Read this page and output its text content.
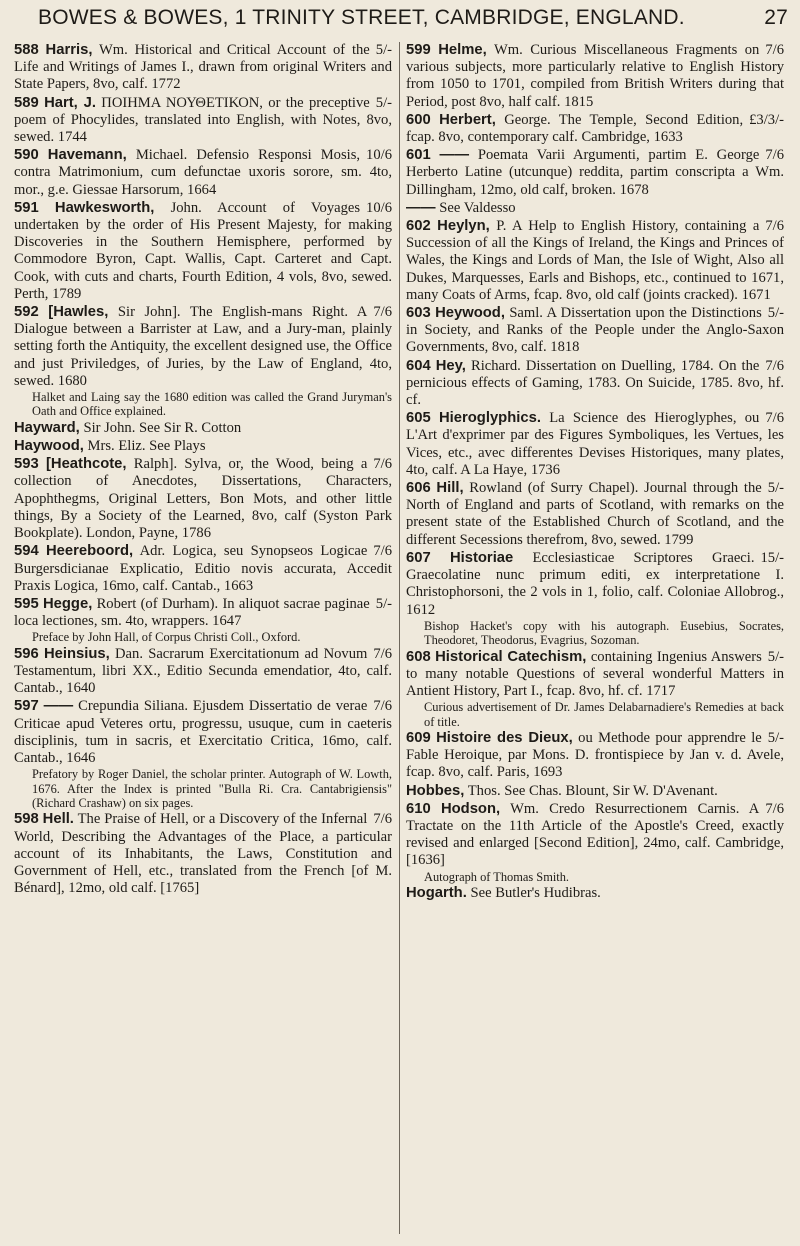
BOWES & BOWES, 1 TRINITY STREET, CAMBRIDGE, ENGLAND.	27
5/-
588 Harris, Wm. Historical and Critical Account of the Life and Writings of James I., drawn from original Writers and State Papers, 8vo, calf. 1772
5/-
589 Hart, J. ΠΟΙΗΜΑ ΝΟΥΘΕΤΙΚΟΝ, or the preceptive poem of Phocylides, translated into English, with Notes, 8vo, sewed. 1744
10/6
590 Havemann, Michael. Defensio Responsi Mosis, contra Matrimonium, cum defunctae uxoris sorore, sm. 4to, mor., g.e. Giessae Harsorum, 1664
10/6
591 Hawkesworth, John. Account of Voyages undertaken by the order of His Present Majesty, for making Discoveries in the Southern Hemisphere, performed by Commodore Byron, Capt. Wallis, Capt. Carteret and Capt. Cook, with cuts and charts, Fourth Edition, 4 vols, 8vo, sewed. Perth, 1789
7/6
592 [Hawles, Sir John]. The English-mans Right. A Dialogue between a Barrister at Law, and a Jury-man, plainly setting forth the Antiquity, the excellent designed use, the Office and just Priviledges, of Juries, by the Law of England, 4to, sewed. 1680
Halket and Laing say the 1680 edition was called the Grand Juryman's Oath and Office explained.
Hayward, Sir John. See Sir R. Cotton
Haywood, Mrs. Eliz. See Plays
7/6
593 [Heathcote, Ralph]. Sylva, or, the Wood, being a collection of Anecdotes, Dissertations, Characters, Apophthegms, Original Letters, Bon Mots, and other little things, By a Society of the Learned, 8vo, calf (Syston Park Bookplate). London, Payne, 1786
7/6
594 Heereboord, Adr. Logica, seu Synopseos Logicae Burgersdicianae Explicatio, Editio novis accurata, Accedit Praxis Logica, 16mo, calf. Cantab., 1663
5/-
595 Hegge, Robert (of Durham). In aliquot sacrae paginae loca lectiones, sm. 4to, wrappers. 1647
Preface by John Hall, of Corpus Christi Coll., Oxford.
7/6
596 Heinsius, Dan. Sacrarum Exercitationum ad Novum Testamentum, libri XX., Editio Secunda emendatior, 4to, calf. Cantab., 1640
7/6
597 —— Crepundia Siliana. Ejusdem Dissertatio de verae Criticae apud Veteres ortu, progressu, usuque, cum in caeteris disciplinis, tum in sacris, et Exercitatio Critica, 16mo, calf. Cantab., 1646
Prefatory by Roger Daniel, the scholar printer. Autograph of W. Lowth, 1676. After the Index is printed "Bulla Ri. Cra. Cantabrigiensis" (Richard Crashaw) on six pages.
7/6
598 Hell. The Praise of Hell, or a Discovery of the Infernal World, Describing the Advantages of the Place, a particular account of its Inhabitants, the Laws, Constitution and Government of Hell, etc., translated from the French [of M. Bénard], 12mo, old calf. [1765]
7/6
599 Helme, Wm. Curious Miscellaneous Fragments on various subjects, more particularly relative to English History from 1050 to 1701, compiled from British Writers during that Period, post 8vo, half calf. 1815
£3/3/-
600 Herbert, George. The Temple, Second Edition, fcap. 8vo, contemporary calf. Cambridge, 1633
7/6
601 —— Poemata Varii Argumenti, partim E. George Herberto Latine (utcunque) reddita, partim conscripta a Wm. Dillingham, 12mo, old calf, broken. 1678
—— See Valdesso
7/6
602 Heylyn, P. A Help to English History, containing a Succession of all the Kings of Ireland, the Kings and Princes of Wales, the Kings and Lords of Man, the Isle of Wight, Also all Dukes, Marquesses, Earls and Bishops, etc., continued to 1671, many Coats of Arms, fcap. 8vo, old calf (joints cracked). 1671
5/-
603 Heywood, Saml. A Dissertation upon the Distinctions in Society, and Ranks of the People under the Anglo-Saxon Governments, 8vo, calf. 1818
7/6
604 Hey, Richard. Dissertation on Duelling, 1784. On the pernicious effects of Gaming, 1783. On Suicide, 1785. 8vo, hf. cf.
7/6
605 Hieroglyphics. La Science des Hieroglyphes, ou L'Art d'exprimer par des Figures Symboliques, les Vertues, les Vices, etc., avec differentes Devises Historiques, many plates, 4to, calf. A La Haye, 1736
5/-
606 Hill, Rowland (of Surry Chapel). Journal through the North of England and parts of Scotland, with remarks on the present state of the Established Church of Scotland, and the different Secessions therefrom, 8vo, sewed. 1799
15/-
607 Historiae Ecclesiasticae Scriptores Graeci. Graecolatine nunc primum editi, ex interpretatione I. Christophorsoni, the 2 vols in 1, folio, calf. Coloniae Allobrog., 1612
Bishop Hacket's copy with his autograph. Eusebius, Socrates, Theodoret, Theodorus, Evagrius, Sozoman.
5/-
608 Historical Catechism, containing Ingenius Answers to many notable Questions of several wonderful Matters in Antient History, Part I., fcap. 8vo, hf. cf. 1717
Curious advertisement of Dr. James Delabarnadiere's Remedies at back of title.
5/-
609 Histoire des Dieux, ou Methode pour apprendre le Fable Heroique, par Mons. D. frontispiece by Jan v. d. Avele, fcap. 8vo, calf. Paris, 1693
Hobbes, Thos. See Chas. Blount, Sir W. D'Avenant.
7/6
610 Hodson, Wm. Credo Resurrectionem Carnis. A Tractate on the 11th Article of the Apostle's Creed, exactly revised and enlarged [Second Edition], 24mo, calf. Cambridge, [1636]
Autograph of Thomas Smith.
Hogarth. See Butler's Hudibras.
